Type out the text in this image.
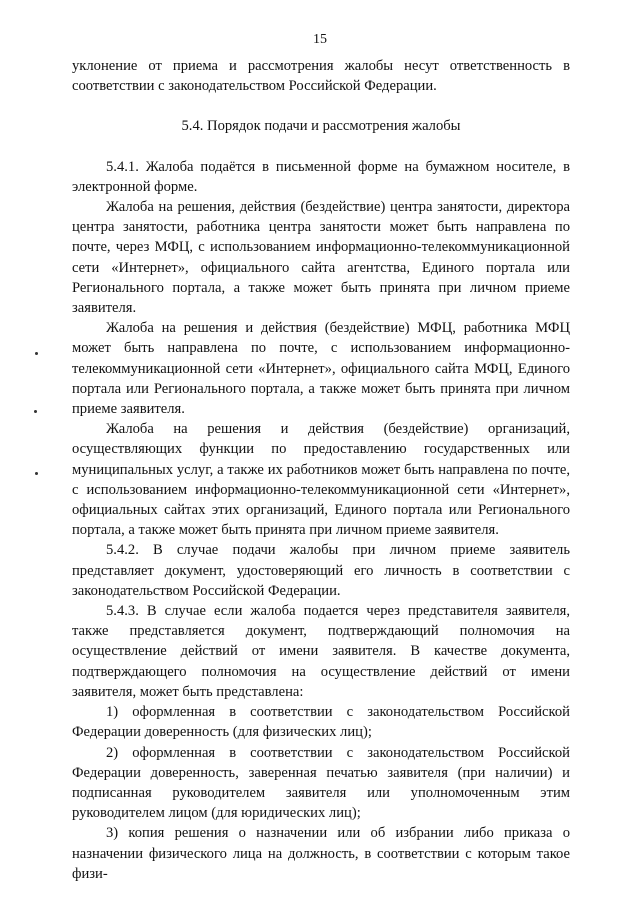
15

уклонение от приема и рассмотрения жалобы несут ответственность в соответствии с законодательством Российской Федерации.

5.4. Порядок подачи и рассмотрения жалобы

5.4.1. Жалоба подаётся в письменной форме на бумажном носителе, в электронной форме.

Жалоба на решения, действия (бездействие) центра занятости, директора центра занятости, работника центра занятости может быть направлена по почте, через МФЦ, с использованием информационно-телекоммуникационной сети «Интернет», официального сайта агентства, Единого портала или Регионального портала, а также может быть принята при личном приеме заявителя.

Жалоба на решения и действия (бездействие) МФЦ, работника МФЦ может быть направлена по почте, с использованием информационно-телекоммуникационной сети «Интернет», официального сайта МФЦ, Единого портала или Регионального портала, а также может быть принята при личном приеме заявителя.

Жалоба на решения и действия (бездействие) организаций, осуществляющих функции по предоставлению государственных или муниципальных услуг, а также их работников может быть направлена по почте, с использованием информационно-телекоммуникационной сети «Интернет», официальных сайтах этих организаций, Единого портала или Регионального портала, а также может быть принята при личном приеме заявителя.

5.4.2. В случае подачи жалобы при личном приеме заявитель представляет документ, удостоверяющий его личность в соответствии с законодательством Российской Федерации.

5.4.3. В случае если жалоба подается через представителя заявителя, также представляется документ, подтверждающий полномочия на осуществление действий от имени заявителя. В качестве документа, подтверждающего полномочия на осуществление действий от имени заявителя, может быть представлена:

1) оформленная в соответствии с законодательством Российской Федерации доверенность (для физических лиц);

2) оформленная в соответствии с законодательством Российской Федерации доверенность, заверенная печатью заявителя (при наличии) и подписанная руководителем заявителя или уполномоченным этим руководителем лицом (для юридических лиц);

3) копия решения о назначении или об избрании либо приказа о назначении физического лица на должность, в соответствии с которым такое физи-
